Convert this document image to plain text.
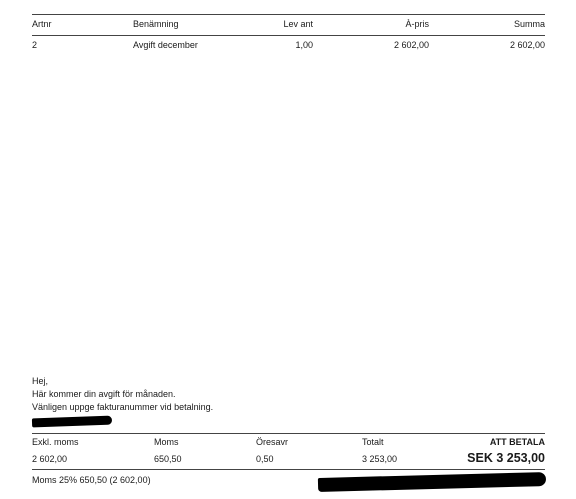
Artnr	Benämning	Lev ant	À-pris	Summa
2	Avgift december	1,00	2 602,00	2 602,00
Hej,
Här kommer din avgift för månaden.
Vänligen uppge fakturanummer vid betalning.
Exkl. moms	Moms	Öresavr	Totalt	ATT BETALA
2 602,00	650,50	0,50	3 253,00	SEK 3 253,00
Moms 25% 650,50 (2 602,00)
